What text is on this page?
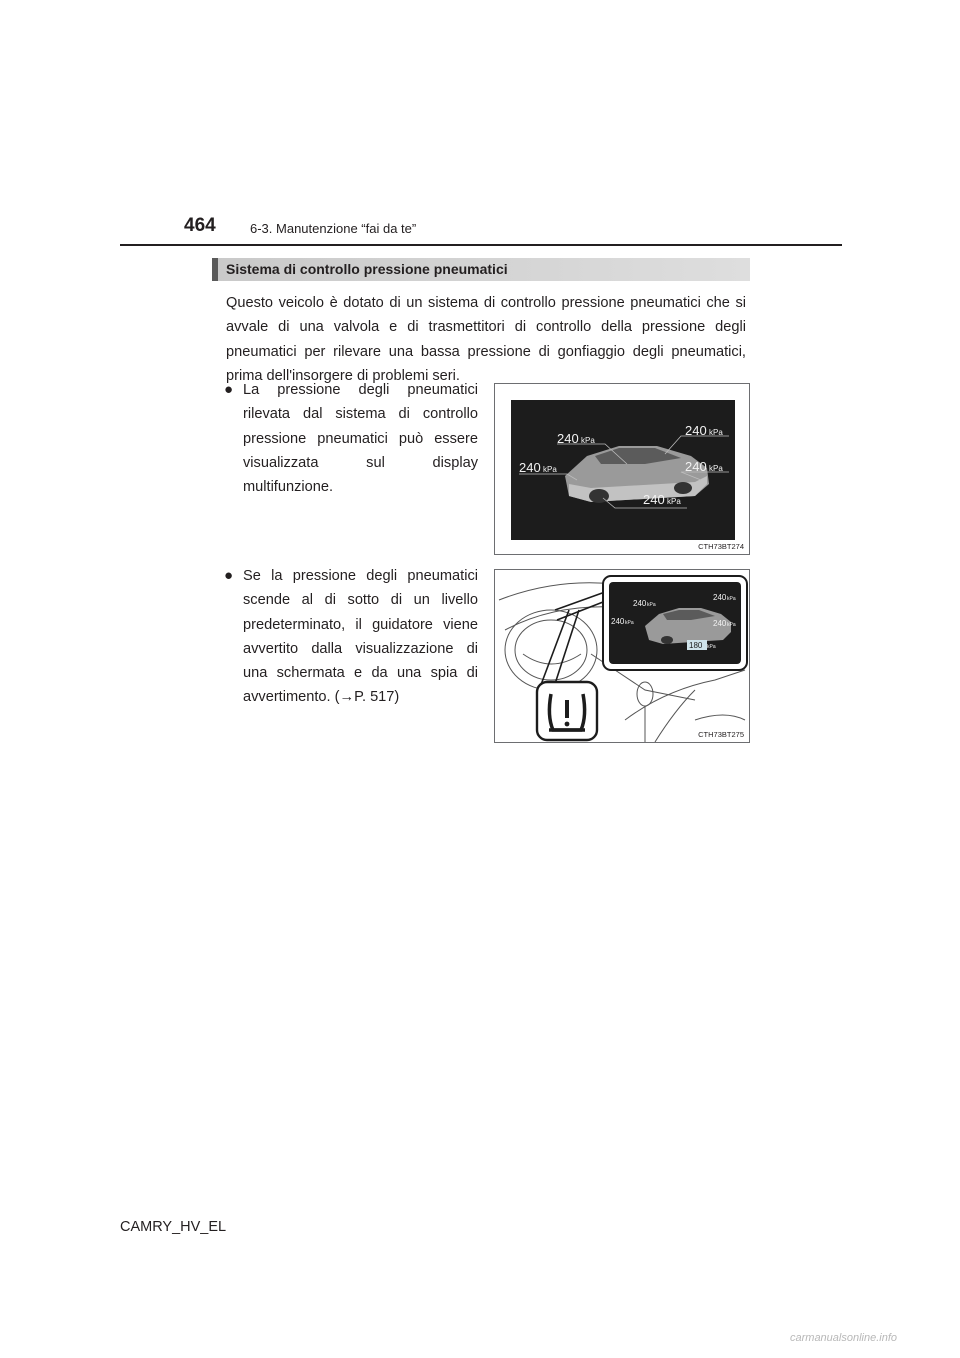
464	6-3. Manutenzione “fai da te”
Sistema di controllo pressione pneumatici
Questo veicolo è dotato di un sistema di controllo pressione pneumatici che si avvale di una valvola e di trasmettitori di controllo della pressione degli pneumatici per rilevare una bassa pressione di gonfiaggio degli pneumatici, prima dell'insorgere di problemi seri.
● La pressione degli pneumatici rilevata dal sistema di controllo pressione pneumatici può essere visualizzata sul display multifunzione.
● Se la pressione degli pneumatici scende al di sotto di un livello predeterminato, il guidatore viene avvertito dalla visualizzazione di una schermata e da una spia di avvertimento. (→P. 517)
240
240
240
240
240
kPa
kPa
kPa
kPa
kPa
CTH73BT274
240
240
240
240
180
kPa
kPa
kPa
kPa
kPa
CTH73BT275
CAMRY_HV_EL
carmanualsonline.info
